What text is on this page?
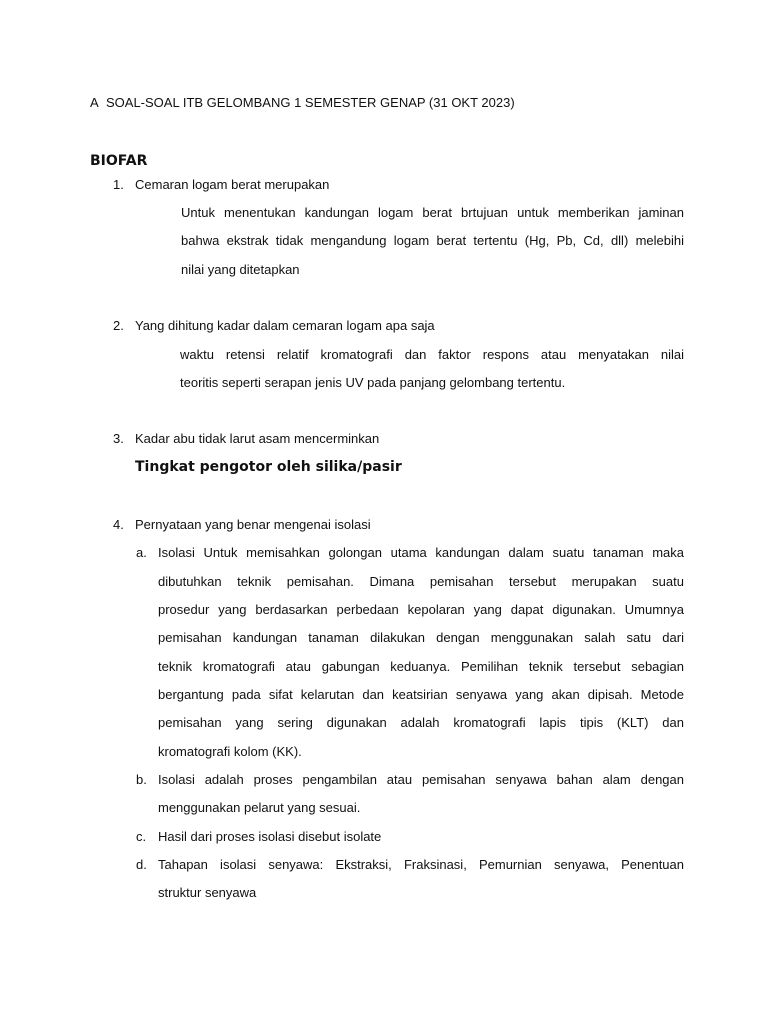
A SOAL-SOAL ITB GELOMBANG 1 SEMESTER GENAP (31 OKT 2023)
BIOFAR
1. Cemaran logam berat merupakan
Untuk menentukan kandungan logam berat brtujuan untuk memberikan jaminan
bahwa ekstrak tidak mengandung logam berat tertentu (Hg, Pb, Cd, dll) melebihi
nilai yang ditetapkan
2. Yang dihitung kadar dalam cemaran logam apa saja
waktu retensi relatif kromatografi dan faktor respons atau menyatakan nilai
teoritis seperti serapan jenis UV pada panjang gelombang tertentu.
3. Kadar abu tidak larut asam mencerminkan
Tingkat pengotor oleh silika/pasir
4. Pernyataan yang benar mengenai isolasi
a. Isolasi Untuk memisahkan golongan utama kandungan dalam suatu tanaman maka
dibutuhkan teknik pemisahan. Dimana pemisahan tersebut merupakan suatu
prosedur yang berdasarkan perbedaan kepolaran yang dapat digunakan. Umumnya
pemisahan kandungan tanaman dilakukan dengan menggunakan salah satu dari
teknik kromatografi atau gabungan keduanya. Pemilihan teknik tersebut sebagian
bergantung pada sifat kelarutan dan keatsirian senyawa yang akan dipisah. Metode
pemisahan yang sering digunakan adalah kromatografi lapis tipis (KLT) dan
kromatografi kolom (KK).
b. Isolasi adalah proses pengambilan atau pemisahan senyawa bahan alam dengan
menggunakan pelarut yang sesuai.
c. Hasil dari proses isolasi disebut isolate
d. Tahapan isolasi senyawa: Ekstraksi, Fraksinasi, Pemurnian senyawa, Penentuan
struktur senyawa
